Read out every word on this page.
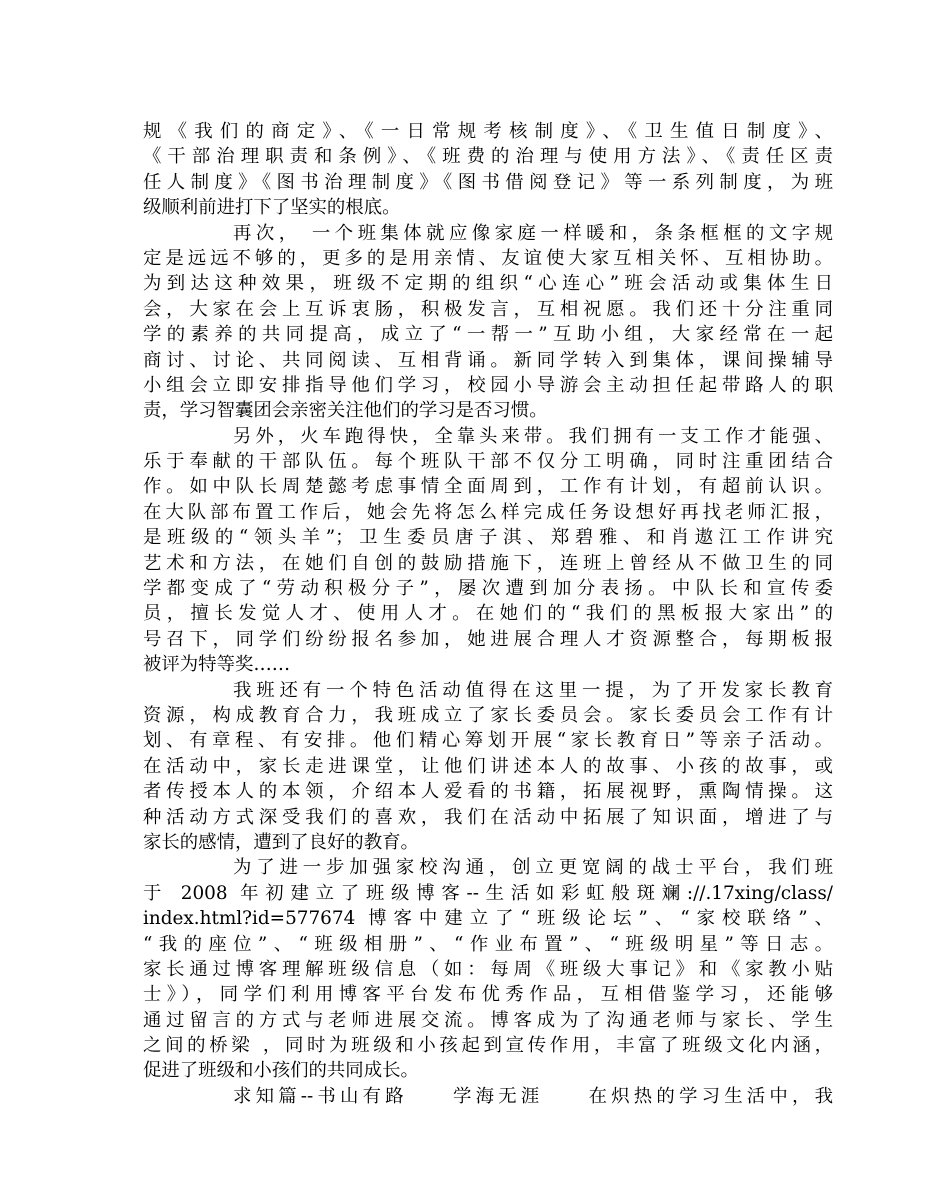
规《我们的商定》、《一日常规考核制度》、《卫生值日制度》、
《干部治理职责和条例》、《班费的治理与使用方法》、《责任区责
任人制度》《图书治理制度》《图书借阅登记》等一系列制度，为班
级顺利前进打下了坚实的根底。
再次， 一个班集体就应像家庭一样暖和，条条框框的文字规
定是远远不够的，更多的是用亲情、友谊使大家互相关怀、互相协助。
为到达这种效果，班级不定期的组织“心连心”班会活动或集体生日
会，大家在会上互诉衷肠，积极发言，互相祝愿。我们还十分注重同
学的素养的共同提高，成立了“一帮一”互助小组，大家经常在一起
商讨、讨论、共同阅读、互相背诵。新同学转入到集体，课间操辅导
小组会立即安排指导他们学习，校园小导游会主动担任起带路人的职
责，学习智囊团会亲密关注他们的学习是否习惯。
另外，火车跑得快，全靠头来带。我们拥有一支工作才能强、
乐于奉献的干部队伍。每个班队干部不仅分工明确，同时注重团结合
作。如中队长周楚懿考虑事情全面周到，工作有计划，有超前认识。
在大队部布置工作后，她会先将怎么样完成任务设想好再找老师汇报，
是班级的“领头羊”；卫生委员唐子淇、郑碧雅、和肖遨江工作讲究
艺术和方法，在她们自创的鼓励措施下，连班上曾经从不做卫生的同
学都变成了“劳动积极分子”，屡次遭到加分表扬。中队长和宣传委
员，擅长发觉人才、使用人才。在她们的“我们的黑板报大家出”的
号召下，同学们纷纷报名参加，她进展合理人才资源整合，每期板报
被评为特等奖……
我班还有一个特色活动值得在这里一提，为了开发家长教育
资源，构成教育合力，我班成立了家长委员会。家长委员会工作有计
划、有章程、有安排。他们精心筹划开展“家长教育日”等亲子活动。
在活动中，家长走进课堂，让他们讲述本人的故事、小孩的故事，或
者传授本人的本领，介绍本人爱看的书籍，拓展视野，熏陶情操。这
种活动方式深受我们的喜欢，我们在活动中拓展了知识面，增进了与
家长的感情，遭到了良好的教育。
为了进一步加强家校沟通，创立更宽阔的战士平台，我们班
于 2008 年初建立了班级博客--生活如彩虹般斑斓://.17xing/class/
index.html?id=577674 博客中建立了“班级论坛”、“家校联络”、
“我的座位”、“班级相册”、“作业布置”、“班级明星”等日志。
家长通过博客理解班级信息（如：每周《班级大事记》和《家教小贴
士》），同学们利用博客平台发布优秀作品，互相借鉴学习，还能够
通过留言的方式与老师进展交流。博客成为了沟通老师与家长、学生
之间的桥梁 ，同时为班级和小孩起到宣传作用，丰富了班级文化内涵，
促进了班级和小孩们的共同成长。
求知篇--书山有路　　学海无涯　　在炽热的学习生活中，我
